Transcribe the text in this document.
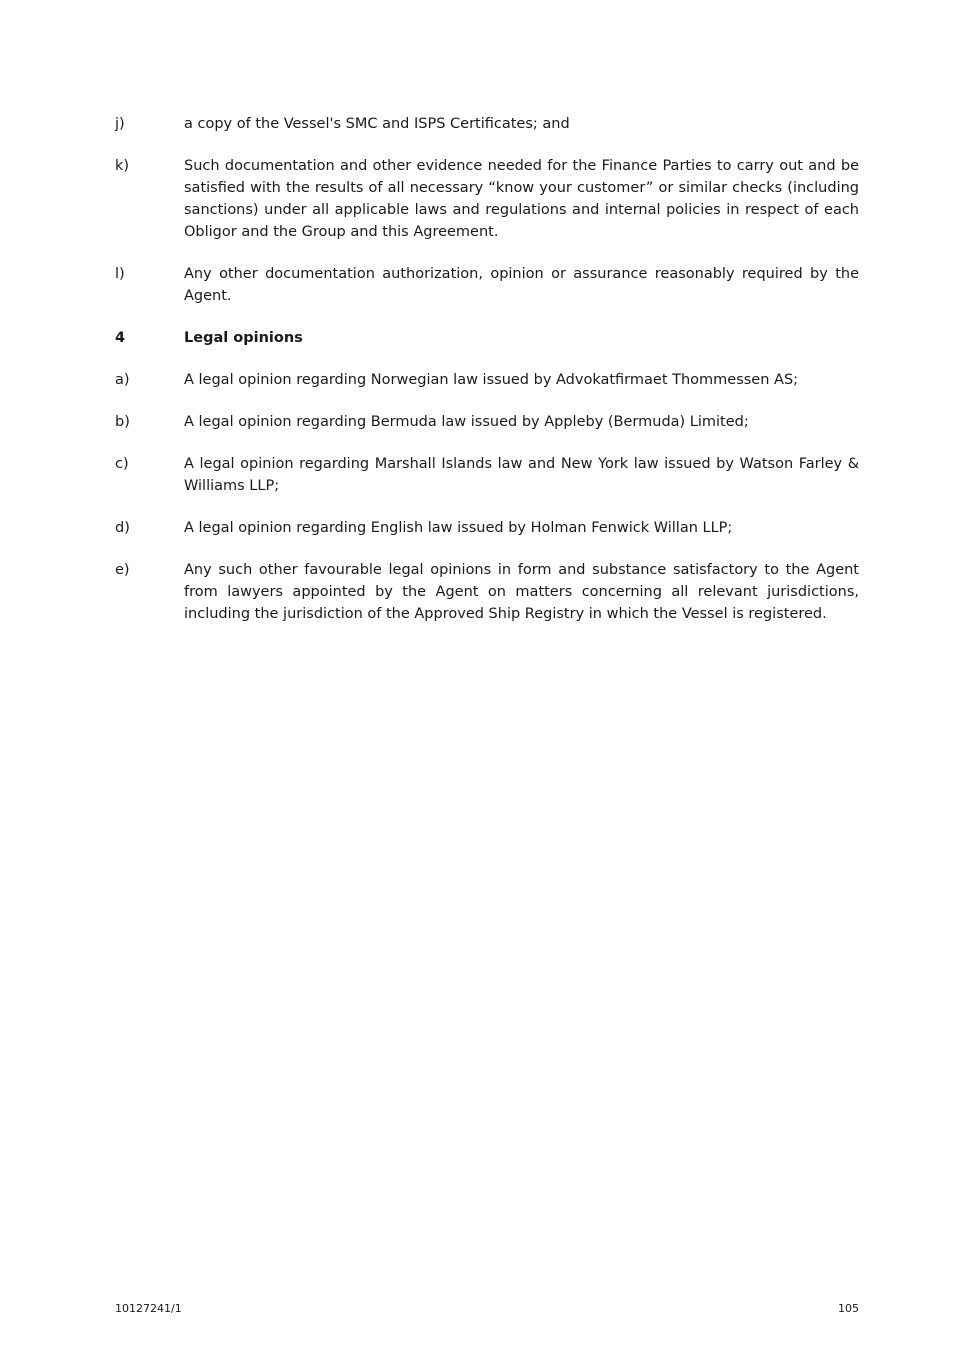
j)	a copy of the Vessel's SMC and ISPS Certificates; and
k)	Such documentation and other evidence needed for the Finance Parties to carry out and be satisfied with the results of all necessary “know your customer” or similar checks (including sanctions) under all applicable laws and regulations and internal policies in respect of each Obligor and the Group and this Agreement.
l)	Any other documentation authorization, opinion or assurance reasonably required by the Agent.
4	Legal opinions
a)	A legal opinion regarding Norwegian law issued by Advokatfirmaet Thommessen AS;
b)	A legal opinion regarding Bermuda law issued by Appleby (Bermuda) Limited;
c)	A legal opinion regarding Marshall Islands law and New York law issued by Watson Farley & Williams LLP;
d)	A legal opinion regarding English law issued by Holman Fenwick Willan LLP;
e)	Any such other favourable legal opinions in form and substance satisfactory to the Agent from lawyers appointed by the Agent on matters concerning all relevant jurisdictions, including the jurisdiction of the Approved Ship Registry in which the Vessel is registered.
10127241/1	105
